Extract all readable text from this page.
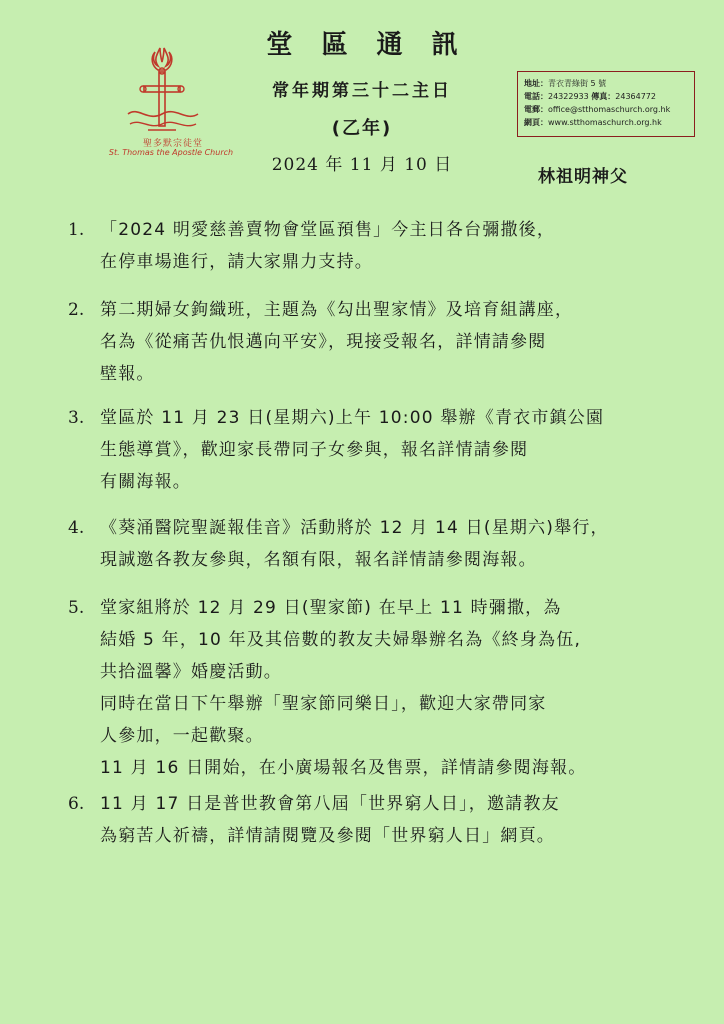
聖多默宗徒堂
St. Thomas the Apostle Church
堂 區 通 訊
常年期第三十二主日
(乙年)
2024 年 11 月 10 日
地址：青衣青綠街 5 號
電話：24322933 傳真：24364772
電郵：office@stthomaschurch.org.hk
網頁：www.stthomaschurch.org.hk
林祖明神父
1. 「2024 明愛慈善賣物會堂區預售」今主日各台彌撒後，
在停車場進行，請大家鼎力支持。
2. 第二期婦女鉤織班，主題為《勾出聖家情》及培育組講座，
名為《從痛苦仇恨邁向平安》，現接受報名，詳情請參閱
壁報。
3. 堂區於 11 月 23 日(星期六)上午 10:00 舉辦《青衣市鎮公園
生態導賞》，歡迎家長帶同子女參與，報名詳情請參閱
有關海報。
4. 《葵涌醫院聖誕報佳音》活動將於 12 月 14 日(星期六)舉行，
現誠邀各教友參與，名額有限，報名詳情請參閱海報。
5. 堂家組將於 12 月 29 日(聖家節) 在早上 11 時彌撒，為
結婚 5 年，10 年及其倍數的教友夫婦舉辦名為《終身為伍,
共拾溫馨》婚慶活動。
同時在當日下午舉辦「聖家節同樂日」，歡迎大家帶同家
人參加，一起歡聚。
11 月 16 日開始，在小廣場報名及售票，詳情請參閱海報。
6. 11 月 17 日是普世教會第八屆「世界窮人日」，邀請教友
為窮苦人祈禱，詳情請閱覽及參閱「世界窮人日」網頁。
